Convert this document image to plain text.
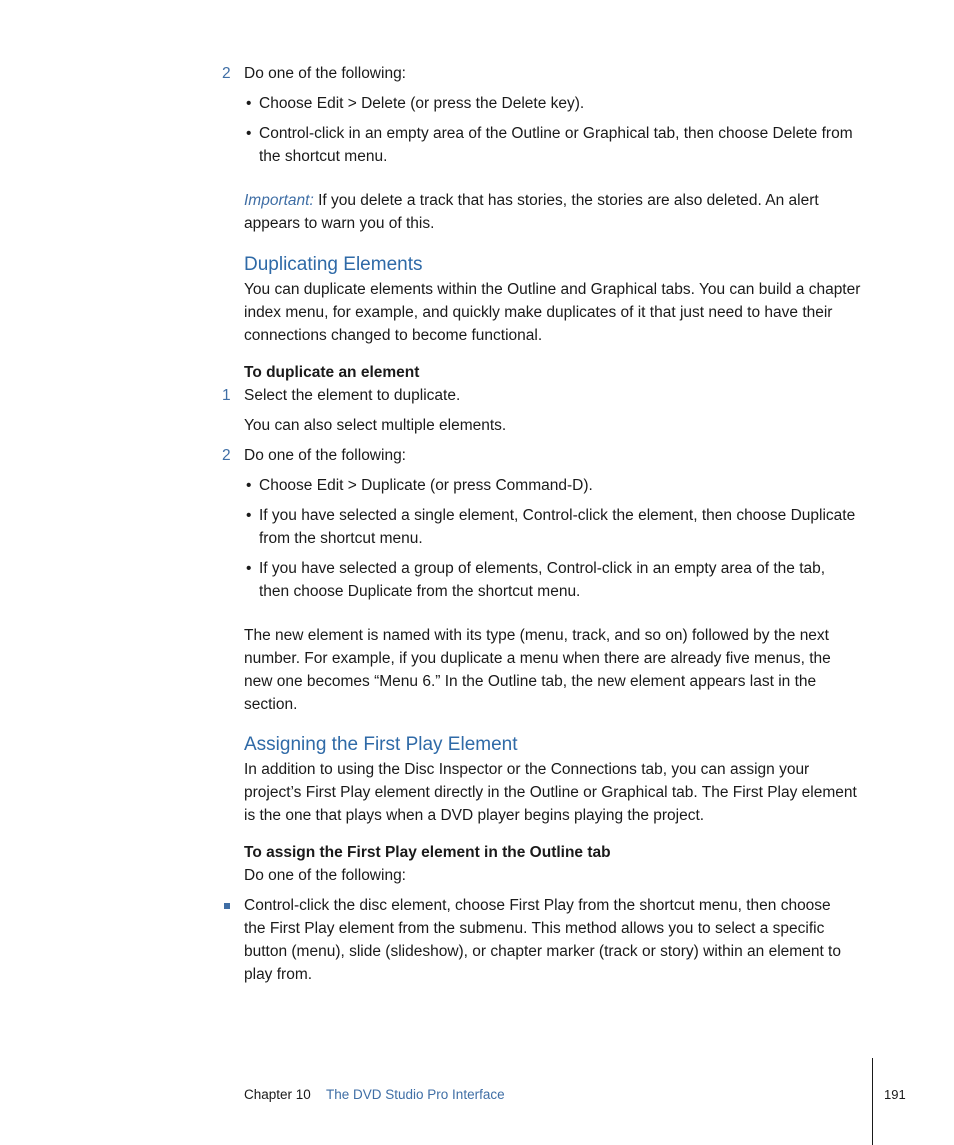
2 Do one of the following:
• Choose Edit > Delete (or press the Delete key).
• Control-click in an empty area of the Outline or Graphical tab, then choose Delete from
the shortcut menu.
Important: If you delete a track that has stories, the stories are also deleted. An alert
appears to warn you of this.
Duplicating Elements
You can duplicate elements within the Outline and Graphical tabs. You can build a chapter
index menu, for example, and quickly make duplicates of it that just need to have their
connections changed to become functional.
To duplicate an element
1 Select the element to duplicate.
You can also select multiple elements.
2 Do one of the following:
• Choose Edit > Duplicate (or press Command-D).
• If you have selected a single element, Control-click the element, then choose Duplicate
from the shortcut menu.
• If you have selected a group of elements, Control-click in an empty area of the tab,
then choose Duplicate from the shortcut menu.
The new element is named with its type (menu, track, and so on) followed by the next
number. For example, if you duplicate a menu when there are already five menus, the
new one becomes “Menu 6.” In the Outline tab, the new element appears last in the
section.
Assigning the First Play Element
In addition to using the Disc Inspector or the Connections tab, you can assign your
project’s First Play element directly in the Outline or Graphical tab. The First Play element
is the one that plays when a DVD player begins playing the project.
To assign the First Play element in the Outline tab
Do one of the following:
Control-click the disc element, choose First Play from the shortcut menu, then choose
the First Play element from the submenu. This method allows you to select a specific
button (menu), slide (slideshow), or chapter marker (track or story) within an element to
play from.
Chapter 10 The DVD Studio Pro Interface	191
